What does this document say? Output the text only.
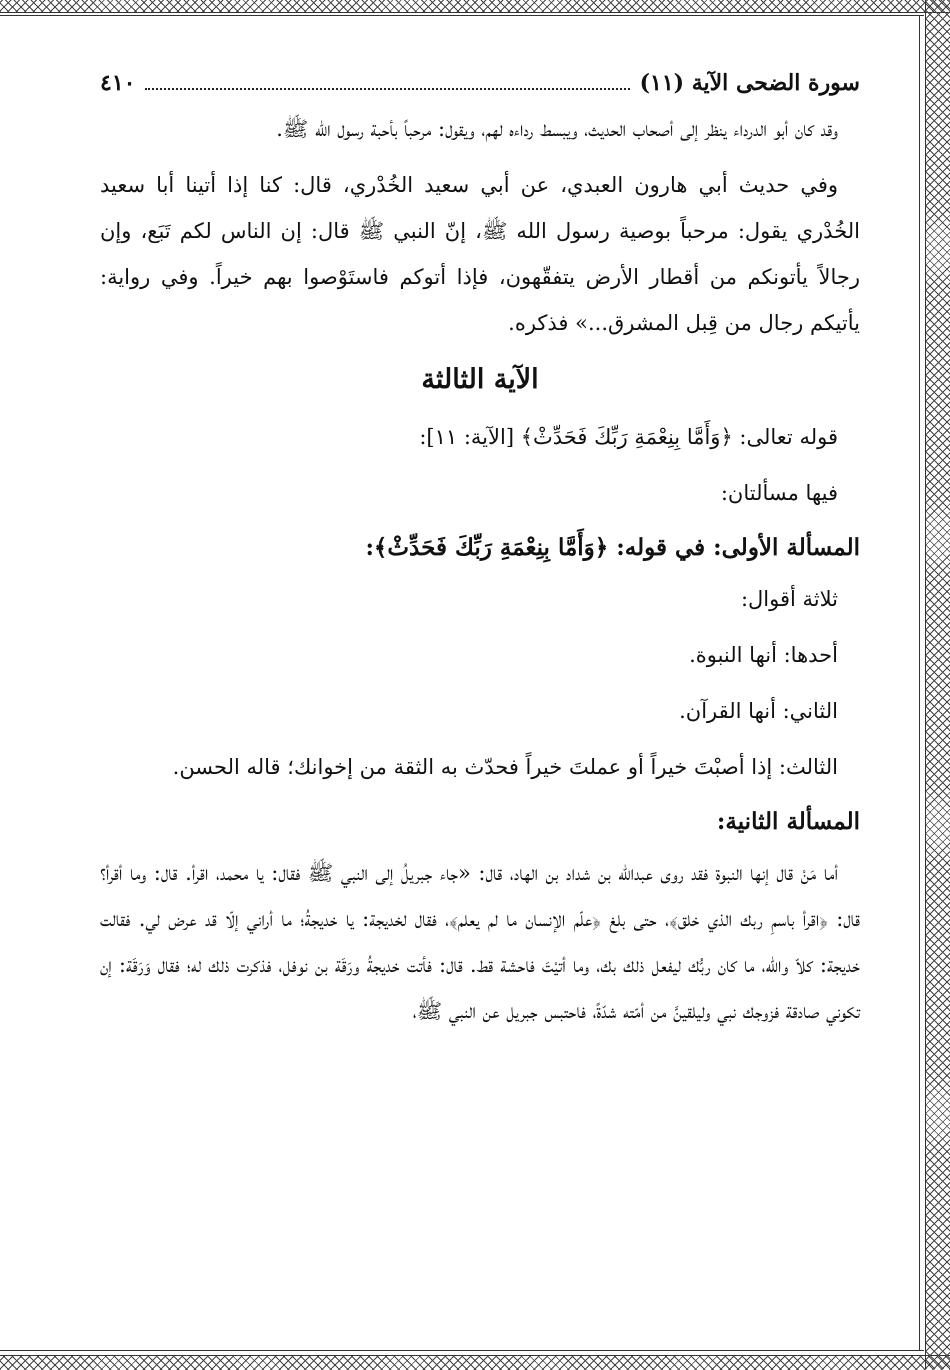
سورة الضحى الآية (١١)
٤١٠

وقد كان أبو الدرداء ينظر إلى أصحاب الحديث، ويبسط رداءه لهم، ويقول: مرحباً بأحبة رسول الله ﷺ.

وفي حديث أبي هارون العبدي، عن أبي سعيد الخُدْري، قال: كنا إذا أتينا أبا سعيد الخُدْري يقول: مرحباً بوصية رسول الله ﷺ، إنّ النبي ﷺ قال: إن الناس لكم تَبَع، وإن رجالاً يأتونكم من أقطار الأرض يتفقّهون، فإذا أتوكم فاستَوْصوا بهم خيراً. وفي رواية: يأتيكم رجال من قِبل المشرق...» فذكره.

الآية الثالثة

قوله تعالى: ﴿وَأَمَّا بِنِعْمَةِ رَبِّكَ فَحَدِّثْ﴾ [الآية: ١١]:

فيها مسألتان:

المسألة الأولى: في قوله: ﴿وَأَمَّا بِنِعْمَةِ رَبِّكَ فَحَدِّثْ﴾:

ثلاثة أقوال:

أحدها: أنها النبوة.

الثاني: أنها القرآن.

الثالث: إذا أصبْتَ خيراً أو عملتَ خيراً فحدّث به الثقة من إخوانك؛ قاله الحسن.

المسألة الثانية:

أما مَنْ قال إنها النبوة فقد روى عبدالله بن شداد بن الهاد، قال: «جاء جبريلُ إلى النبي ﷺ فقال: يا محمد، اقرأ. قال: وما أقرأ؟ قال: ﴿اقرأ باسمِ ربك الذي خلق﴾، حتى بلغ ﴿علّم الإنسان ما لم يعلم﴾، فقال لخديجة: يا خديجةُ؛ ما أراني إلّا قد عرض لي. فقالت خديجة: كلاّ والله، ما كان ربُّك ليفعل ذلك بك، وما أتيْتَ فاحشة قط. قال: فأتت خديجةُ ورَقَة بن نوفل، فذكرت ذلك له؛ فقال وَرَقَة: إن تكوني صادقة فزوجك نبي وليلقينَّ من أمّته شدّةً، فاحتبس جبريل عن النبي ﷺ،
